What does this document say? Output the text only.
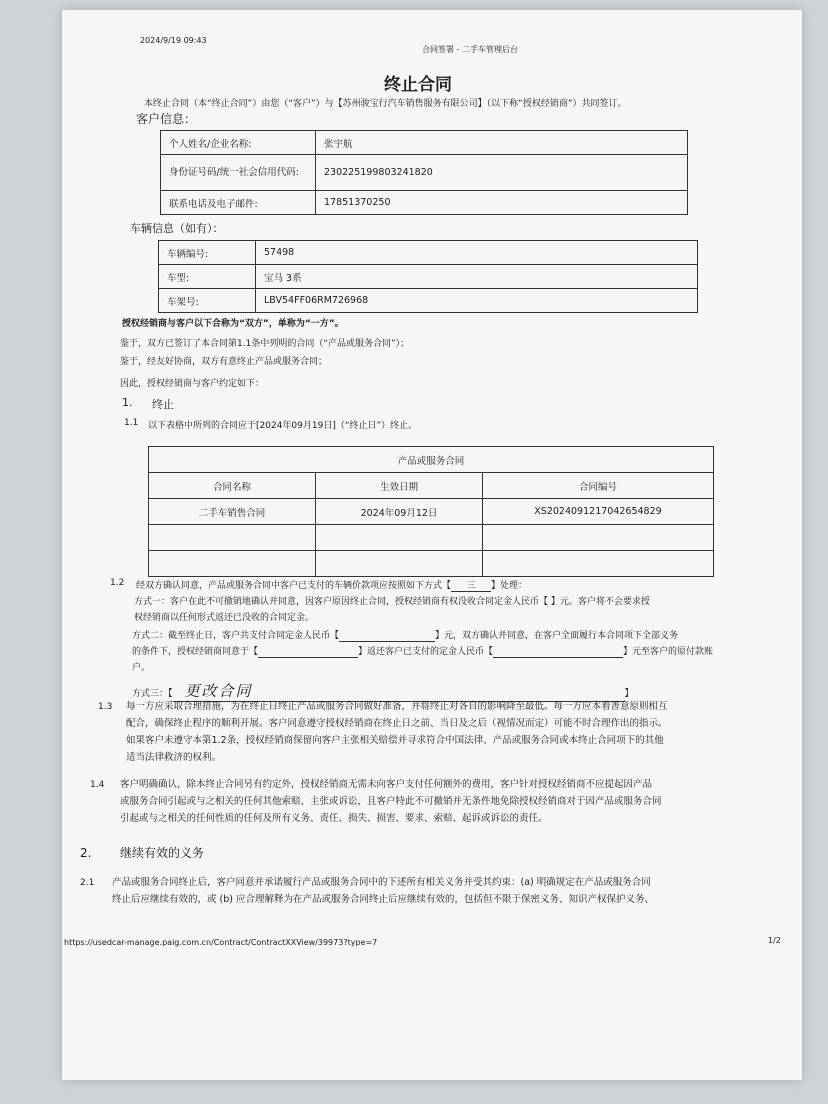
2024/9/19 09:43
合同签署 - 二手车管理后台
终止合同
本终止合同（本“终止合同”）由您（“客户”）与【苏州骏宝行汽车销售服务有限公司】（以下称“授权经销商”）共同签订。
客户信息：
个人姓名/企业名称:	张宇航
身份证号码/统一社会信用代码:	230225199803241820
联系电话及电子邮件:	17851370250
车辆信息（如有）：
车辆编号:	57498
车型:	宝马 3系
车架号:	LBV54FF06RM726968
授权经销商与客户以下合称为“双方”，单称为“一方”。
鉴于，双方已签订了本合同第1.1条中列明的合同（“产品或服务合同”）；
鉴于，经友好协商，双方有意终止产品或服务合同；
因此，授权经销商与客户约定如下：
1. 终止
1.1 以下表格中所列的合同应于[2024年09月19日]（“终止日”）终止。
产品或服务合同		
合同名称	生效日期	合同编号
二手车销售合同	2024年09月12日	XS2024091217042654829

1.2 经双方确认同意，产品或服务合同中客户已支付的车辆价款项应按照如下方式【 三 】处理：
方式一：客户在此不可撤销地确认并同意，因客户原因终止合同，授权经销商有权没收合同定金人民币【 】元。客户将不会要求授
权经销商以任何形式返还已没收的合同定金。
方式二：截至终止日，客户共支付合同定金人民币【	】元，双方确认并同意，在客户全面履行本合同项下全部义务
的条件下，授权经销商同意于【	】返还客户已支付的定金人民币【	】元至客户的原付款账
户。
方式三：【 更改合同	】
1.3 每一方应采取合理措施，为在终止日终止产品或服务合同做好准备，并将终止对各自的影响降至最低。每一方应本着善意原则相互
配合，确保终止程序的顺利开展。客户同意遵守授权经销商在终止日之前、当日及之后（视情况而定）可能不时合理作出的指示。
如果客户未遵守本第1.2条，授权经销商保留向客户主张相关赔偿并寻求符合中国法律、产品或服务合同或本终止合同项下的其他
适当法律救济的权利。
1.4 客户明确确认，除本终止合同另有约定外，授权经销商无需未向客户支付任何额外的费用，客户针对授权经销商不应提起因产品
或服务合同引起或与之相关的任何其他索赔、主张或诉讼，且客户特此不可撤销并无条件地免除授权经销商对于因产品或服务合同
引起或与之相关的任何性质的任何及所有义务、责任、损失、损害、要求、索赔、起诉或诉讼的责任。
2. 继续有效的义务
2.1 产品或服务合同终止后，客户同意并承诺履行产品或服务合同中的下述所有相关义务并受其约束：(a) 明确规定在产品或服务合同
终止后应继续有效的，或 (b) 应合理解释为在产品或服务合同终止后应继续有效的，包括但不限于保密义务、知识产权保护义务、
https://usedcar-manage.paig.com.cn/Contract/ContractXXView/39973?type=7	1/2
